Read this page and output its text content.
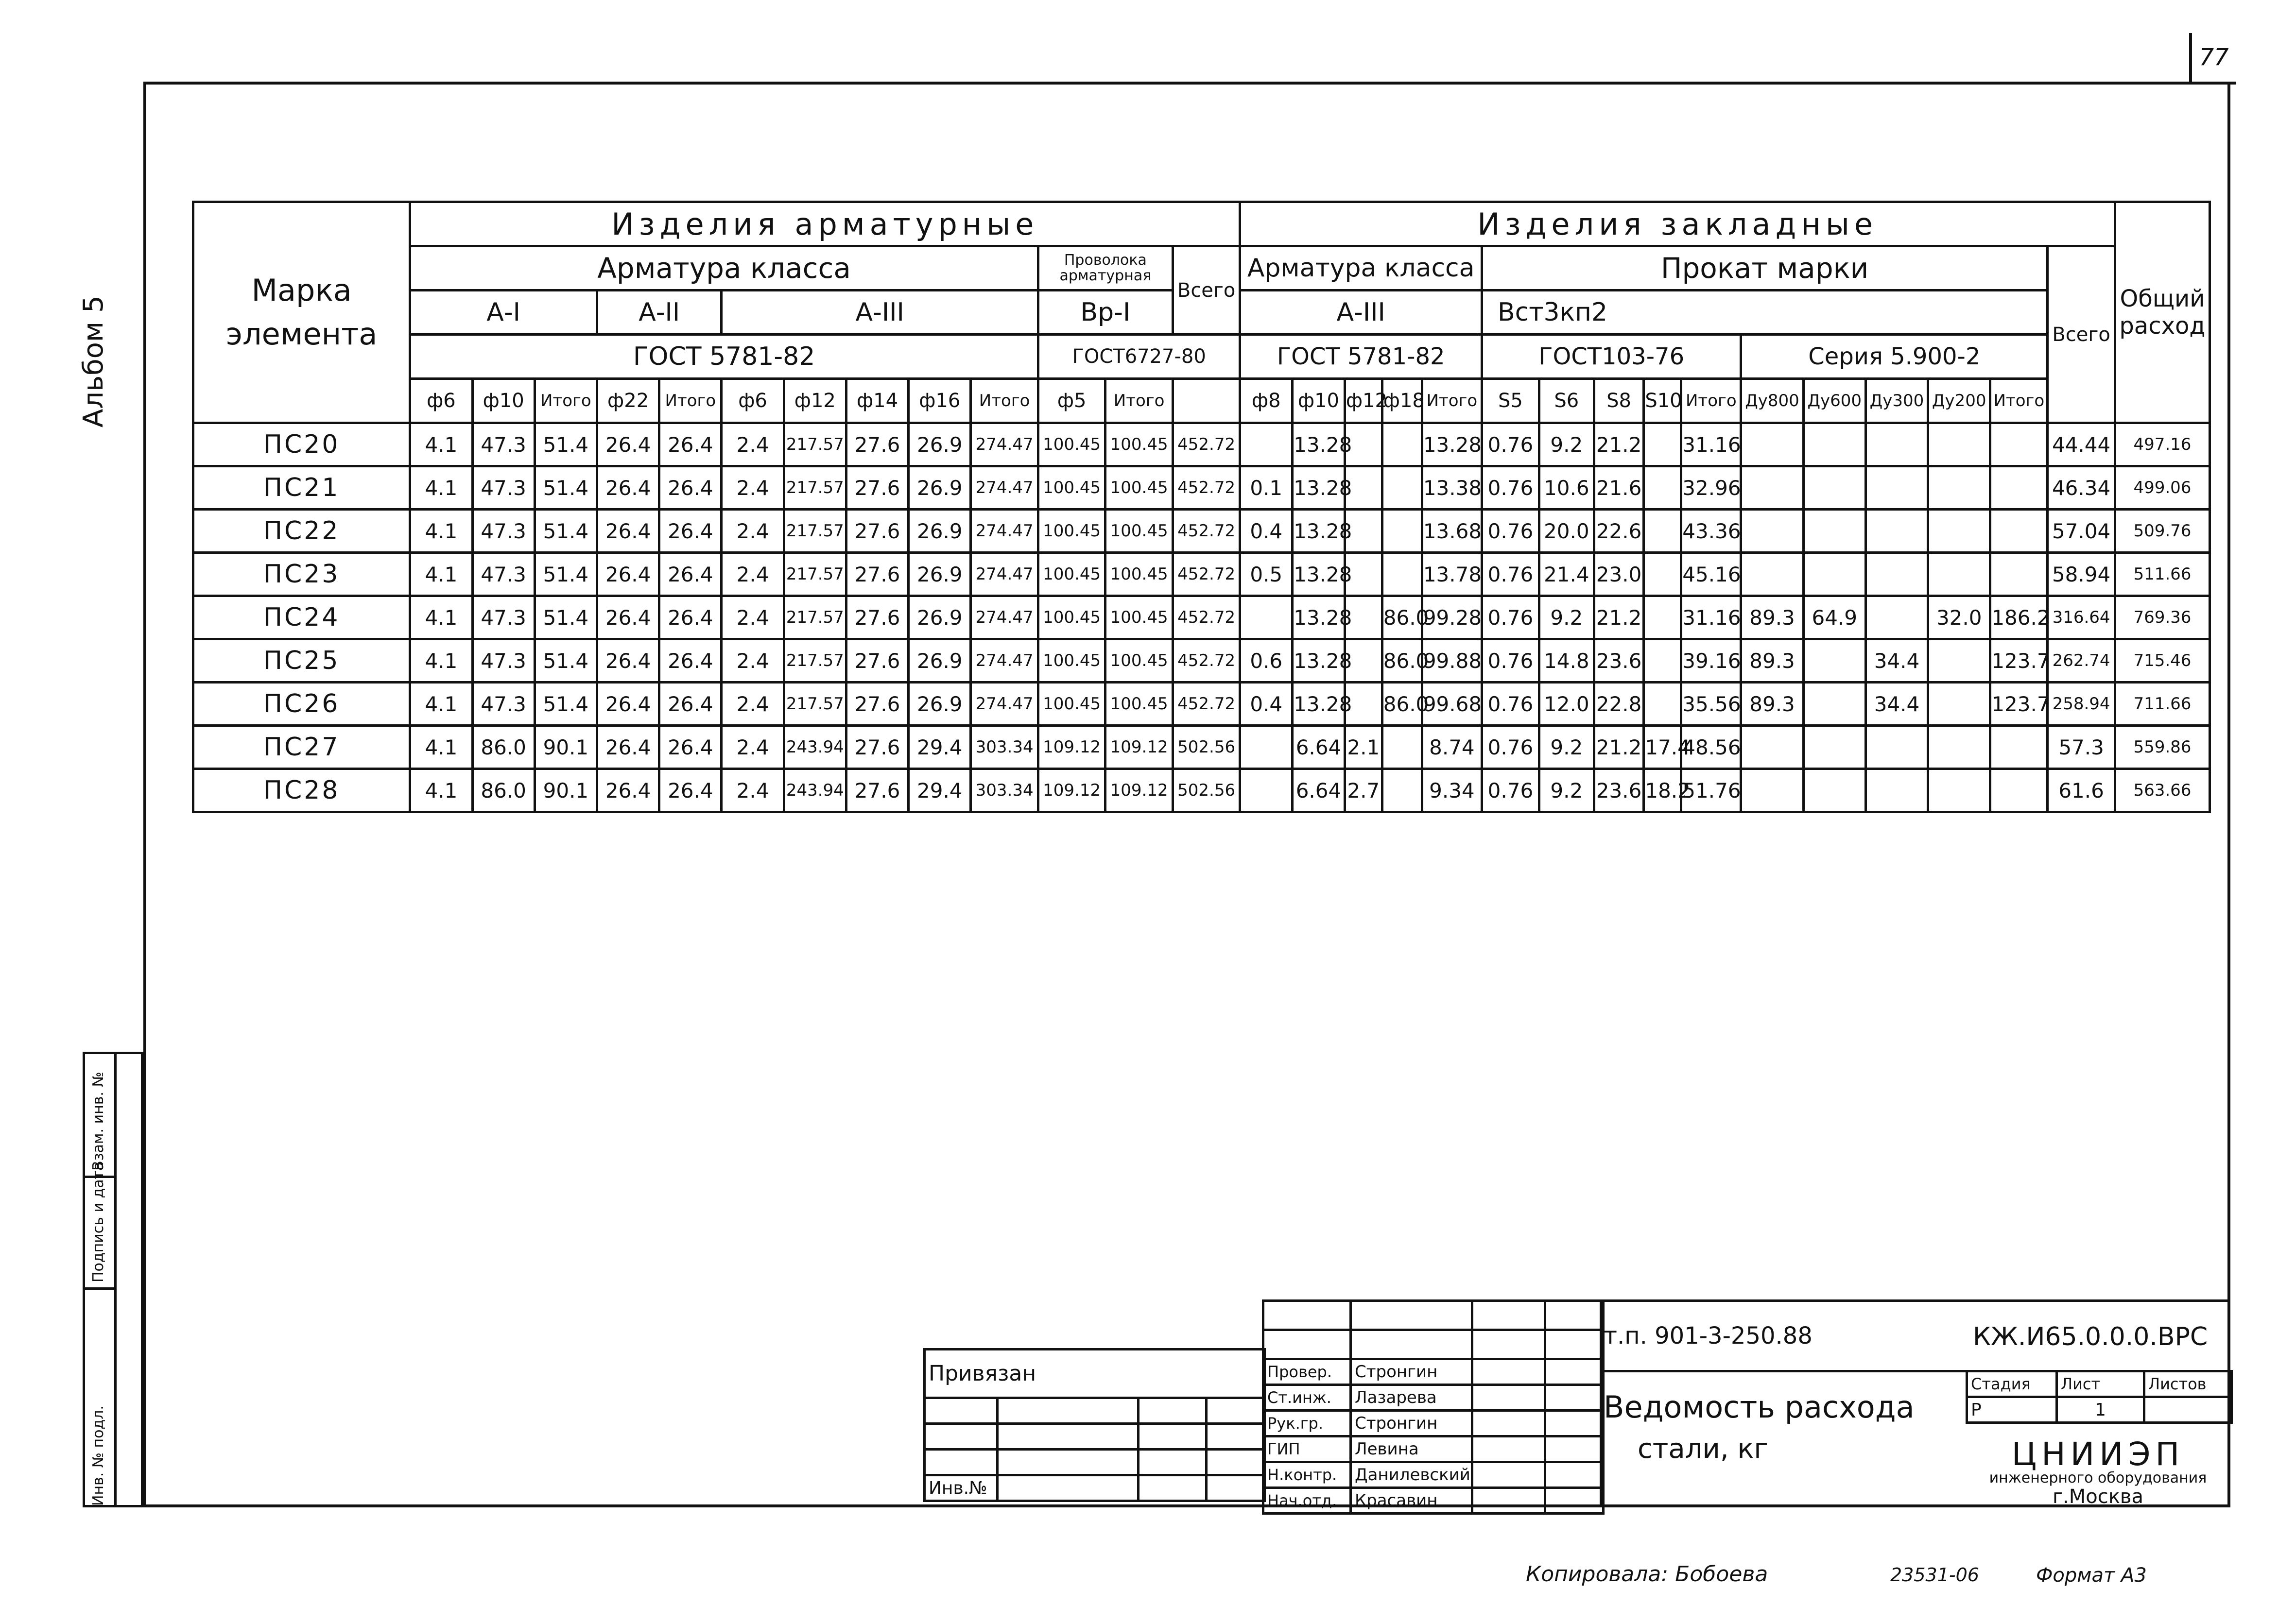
77
Альбом 5
Инв. № подл.
Подпись и дата
Взам. инв. №
Марка
элемента	Изделия арматурные													Изделия закладные																Общий расход
	Арматура класса										Проволока арматурная		Всего	Арматура класса					Прокат марки										Всего	
	А-I			А-II		А-III					Вр-I			А-III					Вст3кп2											
	ГОСТ 5781-82										ГОСТ6727-80			ГОСТ 5781-82					ГОСТ103-76					Серия 5.900-2						
	ф6	ф10	Итого	ф22	Итого	ф6	ф12	ф14	ф16	Итого	ф5	Итого		ф8	ф10	ф12	ф18	Итого	S5	S6	S8	S10	Итого	Ду800	Ду600	Ду300	Ду200	Итого		
ПС20	4.1	47.3	51.4	26.4	26.4	2.4	217.57	27.6	26.9	274.47	100.45	100.45	452.72		13.28			13.28	0.76	9.2	21.2		31.16						44.44	497.16
ПС21	4.1	47.3	51.4	26.4	26.4	2.4	217.57	27.6	26.9	274.47	100.45	100.45	452.72	0.1	13.28			13.38	0.76	10.6	21.6		32.96						46.34	499.06
ПС22	4.1	47.3	51.4	26.4	26.4	2.4	217.57	27.6	26.9	274.47	100.45	100.45	452.72	0.4	13.28			13.68	0.76	20.0	22.6		43.36						57.04	509.76
ПС23	4.1	47.3	51.4	26.4	26.4	2.4	217.57	27.6	26.9	274.47	100.45	100.45	452.72	0.5	13.28			13.78	0.76	21.4	23.0		45.16						58.94	511.66
ПС24	4.1	47.3	51.4	26.4	26.4	2.4	217.57	27.6	26.9	274.47	100.45	100.45	452.72		13.28		86.0	99.28	0.76	9.2	21.2		31.16	89.3	64.9		32.0	186.2	316.64	769.36
ПС25	4.1	47.3	51.4	26.4	26.4	2.4	217.57	27.6	26.9	274.47	100.45	100.45	452.72	0.6	13.28		86.0	99.88	0.76	14.8	23.6		39.16	89.3		34.4		123.7	262.74	715.46
ПС26	4.1	47.3	51.4	26.4	26.4	2.4	217.57	27.6	26.9	274.47	100.45	100.45	452.72	0.4	13.28		86.0	99.68	0.76	12.0	22.8		35.56	89.3		34.4		123.7	258.94	711.66
ПС27	4.1	86.0	90.1	26.4	26.4	2.4	243.94	27.6	29.4	303.34	109.12	109.12	502.56		6.64	2.1		8.74	0.76	9.2	21.2	17.4	48.56						57.3	559.86
ПС28	4.1	86.0	90.1	26.4	26.4	2.4	243.94	27.6	29.4	303.34	109.12	109.12	502.56		6.64	2.7		9.34	0.76	9.2	23.6	18.2	51.76						61.6	563.66
Привязан			

Инв.№			

Провер.	Стронгин		
Ст.инж.	Лазарева		
Рук.гр.	Стронгин		
ГИП	Левина		
Н.контр.	Данилевский		
Нач.отд.	Красавин		
т.п. 901-3-250.88	КЖ.И65.0.0.0.ВРС
Ведомость расхода
стали, кг
Стадия	Лист	Листов
Р	1	
ЦНИИЭП
инженерного оборудования
г.Москва
Копировала: Бобоева	23531-06	Формат А3
